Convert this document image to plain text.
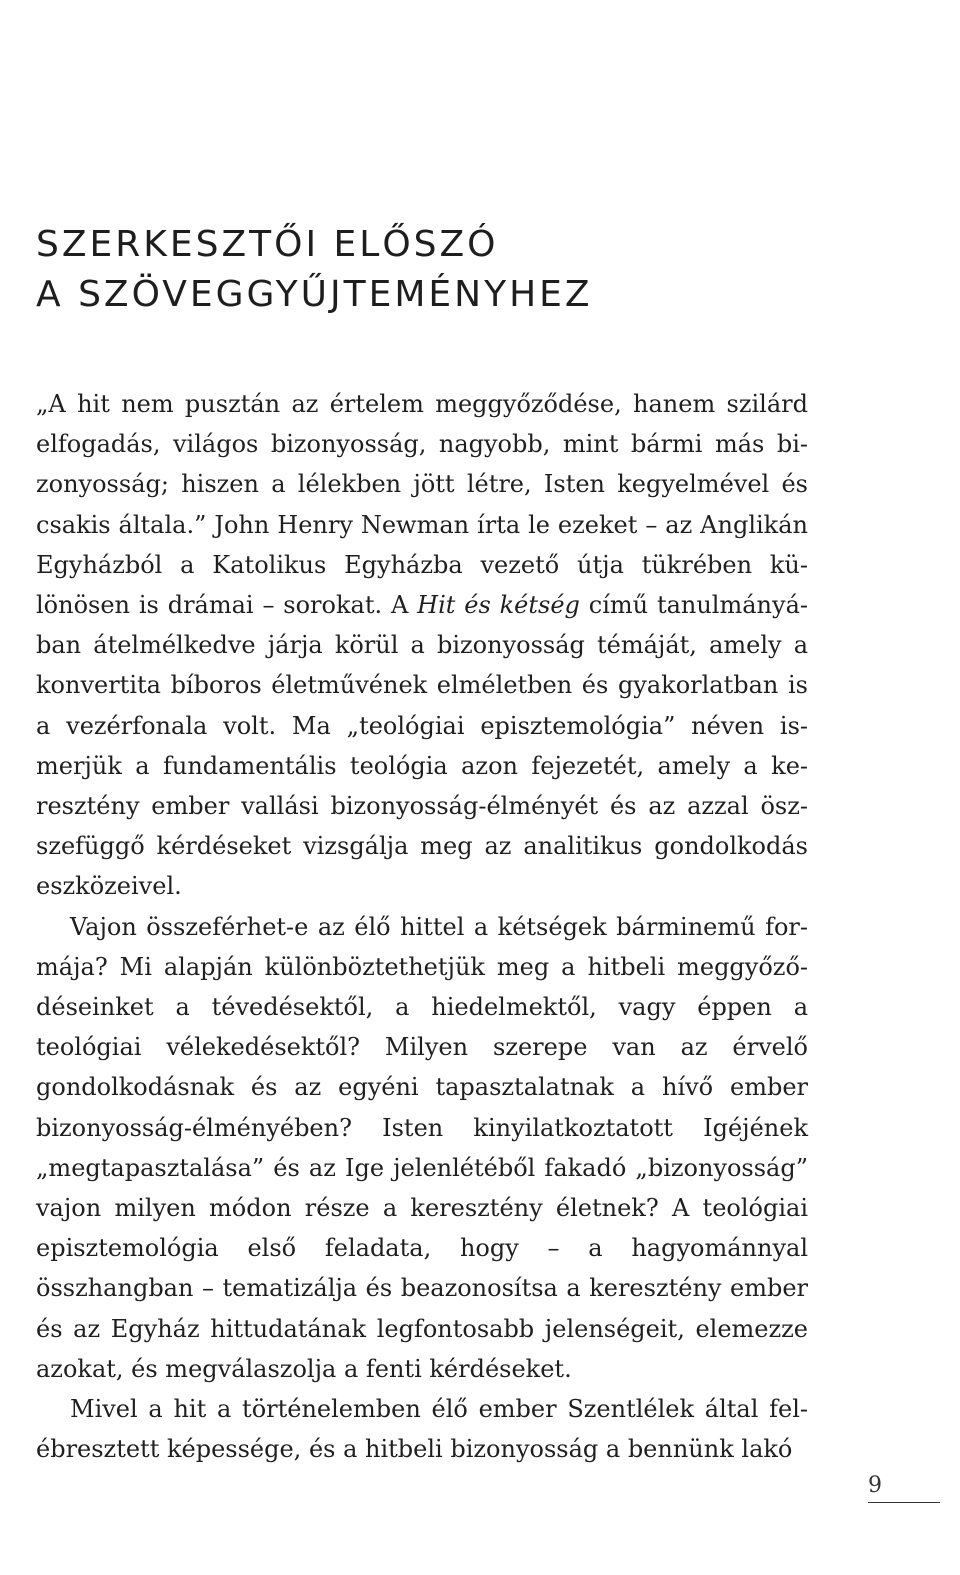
SZERKESZTŐI ELŐSZÓ
A SZÖVEGGYŰJTEMÉNYHEZ

„A hit nem pusztán az értelem meggyőződése, hanem szilárd elfogadás, világos bizonyosság, nagyobb, mint bármi más bizonyosság; hiszen a lélekben jött létre, Isten kegyelmével és csakis általa.” John Henry Newman írta le ezeket – az Anglikán Egyházból a Katolikus Egyházba vezető útja tükrében különösen is drámai – sorokat. A Hit és kétség című tanulmányában átelmélkedve járja körül a bizonyosság témáját, amely a konvertita bíboros életművének elméletben és gyakorlatban is a vezérfonala volt. Ma „teológiai episztemológia” néven ismerjük a fundamentális teológia azon fejezetét, amely a keresztény ember vallási bizonyosság-élményét és az azzal öszszefüggő kérdéseket vizsgálja meg az analitikus gondolkodás eszközeivel.

Vajon összeférhet-e az élő hittel a kétségek bárminemű formája? Mi alapján különböztethetjük meg a hitbeli meggyőződéseinket a tévedésektől, a hiedelmektől, vagy éppen a teológiai vélekedésektől? Milyen szerepe van az érvelő gondolkodásnak és az egyéni tapasztalatnak a hívő ember bizonyosság-élményében? Isten kinyilatkoztatott Igéjének „megtapasztalása” és az Ige jelenlétéből fakadó „bizonyosság” vajon milyen módon része a keresztény életnek? A teológiai episztemológia első feladata, hogy – a hagyománnyal összhangban – tematizálja és beazonosítsa a keresztény ember és az Egyház hittudatának legfontosabb jelenségeit, elemezze azokat, és megválaszolja a fenti kérdéseket.

Mivel a hit a történelemben élő ember Szentlélek által felébresztett képessége, és a hitbeli bizonyosság a bennünk lakó

9
